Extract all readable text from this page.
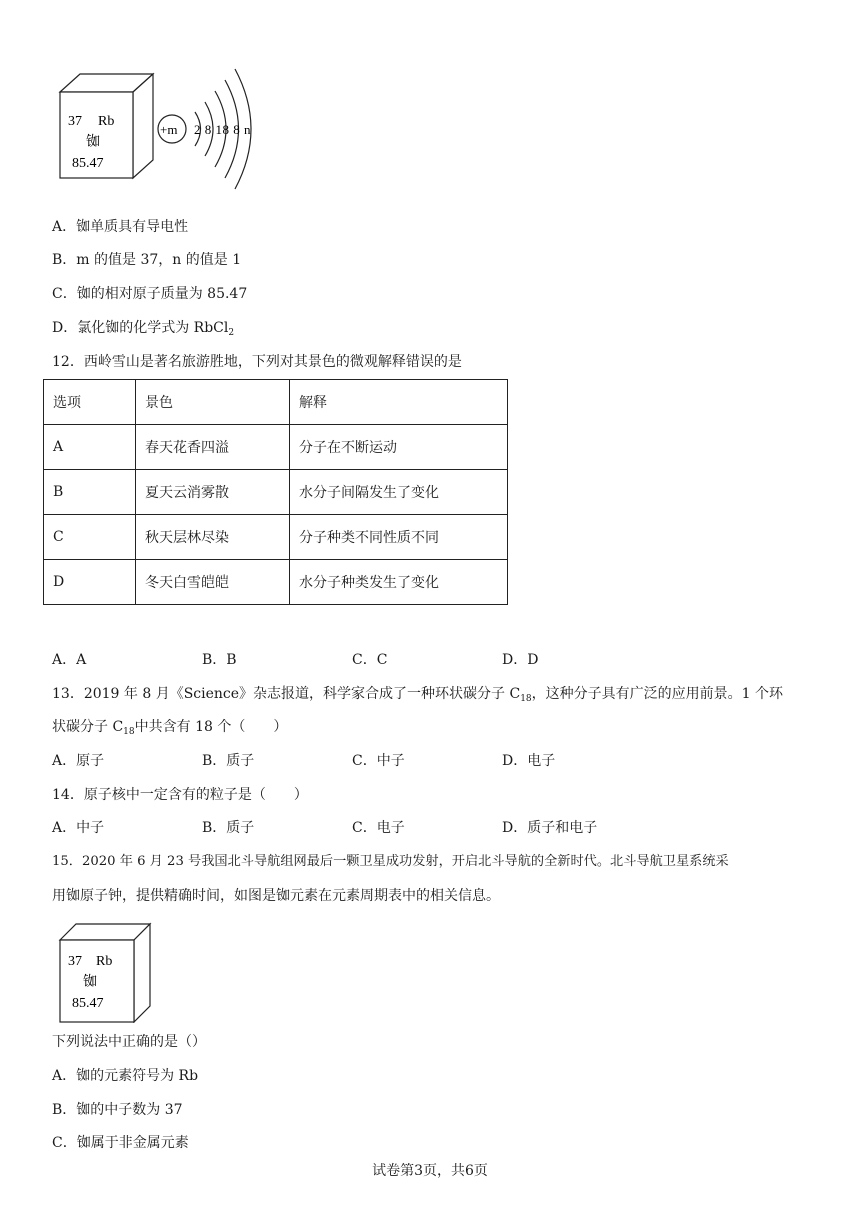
37 Rb
铷
85.47
+m 2 8 18 8 n
A．铷单质具有导电性
B．m 的值是 37，n 的值是 1
C．铷的相对原子质量为 85.47
D．氯化铷的化学式为 RbCl$_2$
12．西岭雪山是著名旅游胜地，下列对其景色的微观解释错误的是
选项	景色	解释
A	春天花香四溢	分子在不断运动
B	夏天云消雾散	水分子间隔发生了变化
C	秋天层林尽染	分子种类不同性质不同
D	冬天白雪皑皑	水分子种类发生了变化
A．A	B．B	C．C	D．D
13．2019 年 8 月《Science》杂志报道，科学家合成了一种环状碳分子 $C_{18}$，这种分子具有广泛的应用前景。1 个环
状碳分子 $C_{18}$中共含有 18 个（　　）
A．原子	B．质子	C．中子	D．电子
14．原子核中一定含有的粒子是（　　）
A．中子	B．质子	C．电子	D．质子和电子
15．2020 年 6 月 23 号我国北斗导航组网最后一颗卫星成功发射，开启北斗导航的全新时代。北斗导航卫星系统采
用铷原子钟，提供精确时间，如图是铷元素在元素周期表中的相关信息。
37 Rb
铷
85.47
下列说法中正确的是（）
A．铷的元素符号为 Rb
B．铷的中子数为 37
C．铷属于非金属元素
试卷第3页，共6页
